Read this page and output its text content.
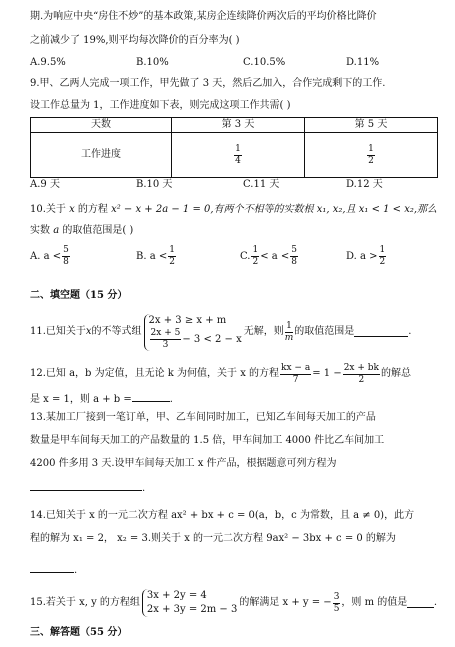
期.为响应中央“房住不炒”的基本政策,某房企连续降价两次后的平均价格比降价
之前减少了 19%,则平均每次降价的百分率为( )
A.9.5%	B.10%	C.10.5%	D.11%
9.甲、乙两人完成一项工作，甲先做了 3 天，然后乙加入，合作完成剩下的工作.
设工作总量为 1，工作进度如下表，则完成这项工作共需( )
天数	第 3 天	第 5 天
工作进度	$\frac{1}{4}$	$\frac{1}{2}$
A.9 天	B.10 天	C.11 天	D.12 天
10.关于 x 的方程 x² − x + 2a − 1 = 0,有两个不相等的实数根 x₁, x₂,且 x₁ < 1 < x₂,那么
实数 a 的取值范围是( )
A. $a < \frac{5}{8}$	B. $a < \frac{1}{2}$	C. $\frac{1}{2} < a < \frac{5}{8}$	D. $a > \frac{1}{2}$
二、填空题（15 分）
11.已知关于 x 的不等式组
2x + 3 ≥ x + m
$\frac{2x + 5}{3} - 3 < 2 - x$
无解，则 $\frac{1}{m}$ 的取值范围是	.
12.已知 a，b 为定值，且无论 k 为何值，关于 x 的方程 $\frac{kx - a}{7} = 1 - \frac{2x + bk}{2}$ 的解总
是 x = 1，则 a + b =	.
13.某加工厂接到一笔订单，甲、乙车间同时加工，已知乙车间每天加工的产品
数量是甲车间每天加工的产品数量的 1.5 倍，甲车间加工 4000 件比乙车间加工
4200 件多用 3 天.设甲车间每天加工 x 件产品，根据题意可列方程为
.
14.已知关于 x 的一元二次方程 ax² + bx + c = 0(a，b，c 为常数，且 a ≠ 0)，此方
程的解为 x₁ = 2， x₂ = 3.则关于 x 的一元二次方程 9ax² − 3bx + c = 0 的解为
.
15.若关于 x, y 的方程组
3x + 2y = 4
2x + 3y = 2m − 3
的解满足 x + y = − $\frac{3}{5}$ ，则 m 的值是	.
三、解答题（55 分）
